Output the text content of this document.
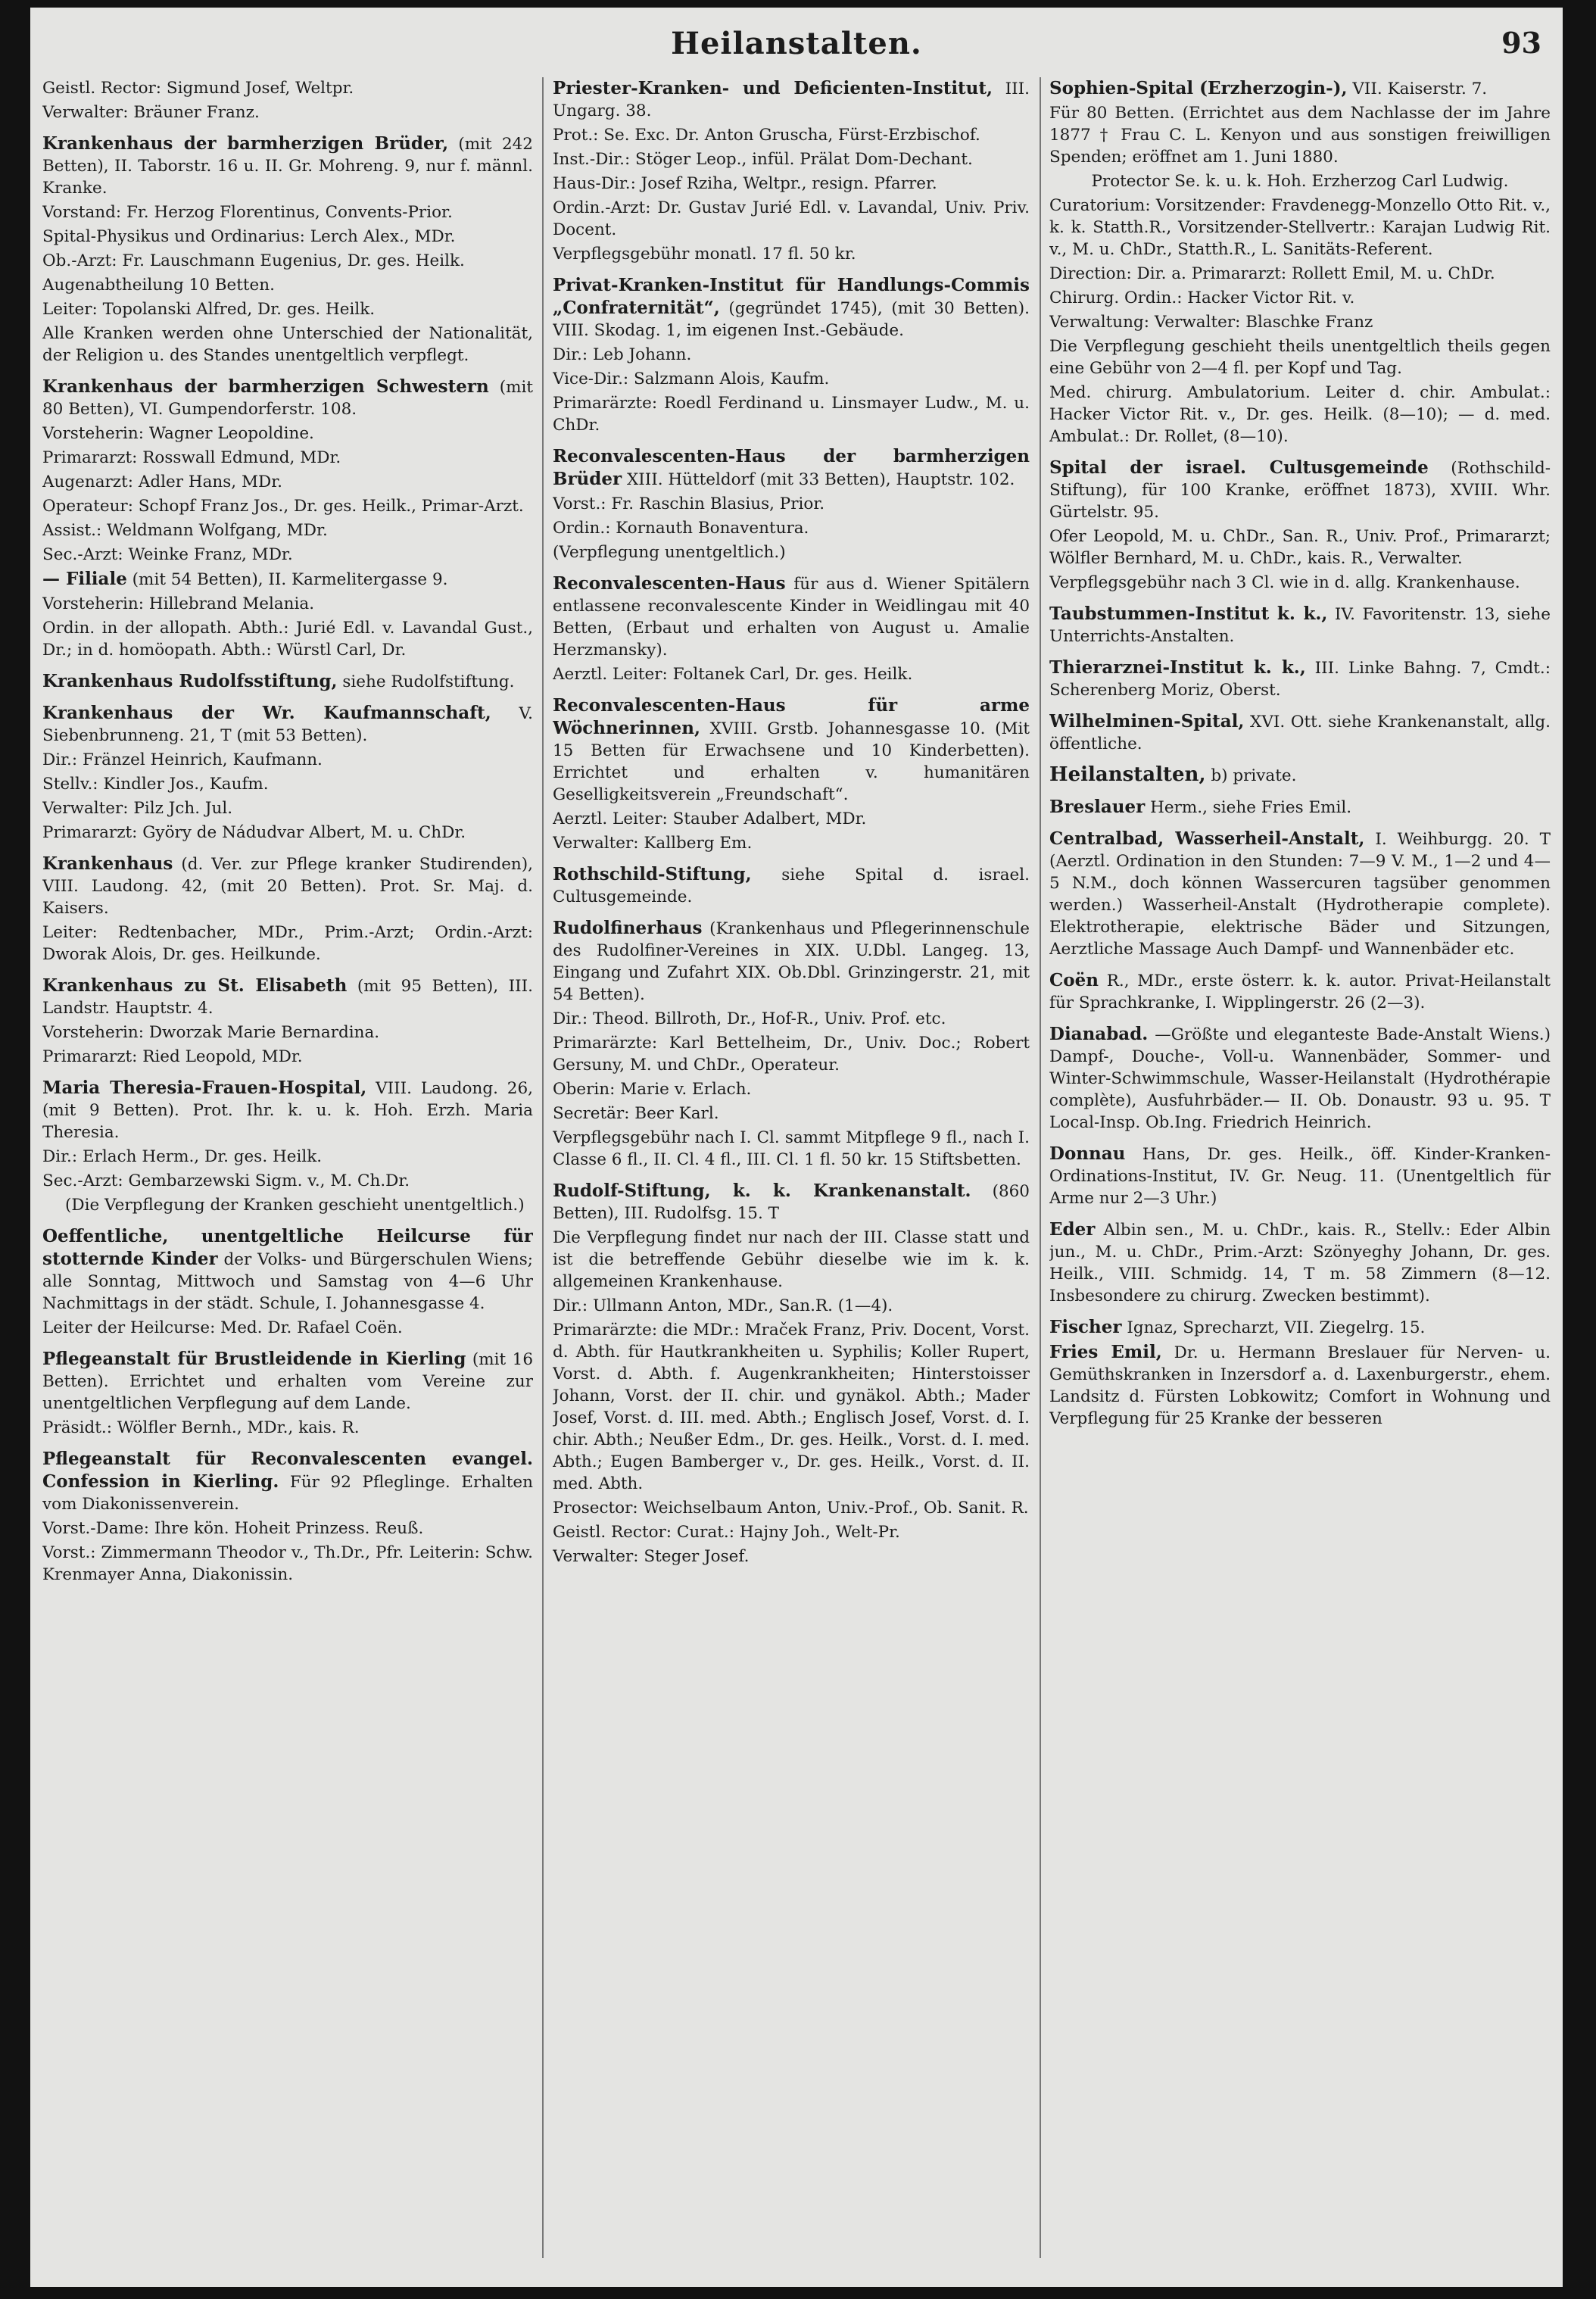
Heilanstalten.	93
Geistl. Rector: Sigmund Josef, Weltpr.
Verwalter: Bräuner Franz.
Krankenhaus der barmherzigen Brüder, (mit 242 Betten), II. Taborstr. 16 u. II. Gr. Mohreng. 9, nur f. männl. Kranke.
Vorstand: Fr. Herzog Florentinus, Convents-Prior.
Spital-Physikus und Ordinarius: Lerch Alex., MDr.
Ob.-Arzt: Fr. Lauschmann Eugenius, Dr. ges. Heilk.
Augenabtheilung 10 Betten.
Leiter: Topolanski Alfred, Dr. ges. Heilk.
Alle Kranken werden ohne Unterschied der Nationalität, der Religion u. des Standes unentgeltlich verpflegt.
Krankenhaus der barmherzigen Schwestern (mit 80 Betten), VI. Gumpendorferstr. 108.
Vorsteherin: Wagner Leopoldine.
Primararzt: Rosswall Edmund, MDr.
Augenarzt: Adler Hans, MDr.
Operateur: Schopf Franz Jos., Dr. ges. Heilk., Primar-Arzt.
Assist.: Weldmann Wolfgang, MDr.
Sec.-Arzt: Weinke Franz, MDr.
— Filiale (mit 54 Betten), II. Karmelitergasse 9.
Vorsteherin: Hillebrand Melania.
Ordin. in der allopath. Abth.: Jurié Edl. v. Lavandal Gust., Dr.; in d. homöopath. Abth.: Würstl Carl, Dr.
Krankenhaus Rudolfsstiftung, siehe Rudolfstiftung.
Krankenhaus der Wr. Kaufmannschaft, V. Siebenbrunneng. 21, T (mit 53 Betten).
Dir.: Fränzel Heinrich, Kaufmann.
Stellv.: Kindler Jos., Kaufm.
Verwalter: Pilz Jch. Jul.
Primararzt: Györy de Nádudvar Albert, M. u. ChDr.
Krankenhaus (d. Ver. zur Pflege kranker Studirenden), VIII. Laudong. 42, (mit 20 Betten). Prot. Sr. Maj. d. Kaisers.
Leiter: Redtenbacher, MDr., Prim.-Arzt; Ordin.-Arzt: Dworak Alois, Dr. ges. Heilkunde.
Krankenhaus zu St. Elisabeth (mit 95 Betten), III. Landstr. Hauptstr. 4.
Vorsteherin: Dworzak Marie Bernardina.
Primararzt: Ried Leopold, MDr.
Maria Theresia-Frauen-Hospital, VIII. Laudong. 26, (mit 9 Betten). Prot. Ihr. k. u. k. Hoh. Erzh. Maria Theresia.
Dir.: Erlach Herm., Dr. ges. Heilk.
Sec.-Arzt: Gembarzewski Sigm. v., M. Ch.Dr.
(Die Verpflegung der Kranken geschieht unentgeltlich.)
Oeffentliche, unentgeltliche Heilcurse für stotternde Kinder der Volks- und Bürgerschulen Wiens; alle Sonntag, Mittwoch und Samstag von 4—6 Uhr Nachmittags in der städt. Schule, I. Johannesgasse 4.
Leiter der Heilcurse: Med. Dr. Rafael Coën.
Pflegeanstalt für Brustleidende in Kierling (mit 16 Betten). Errichtet und erhalten vom Vereine zur unentgeltlichen Verpflegung auf dem Lande.
Präsidt.: Wölfler Bernh., MDr., kais. R.
Pflegeanstalt für Reconvalescenten evangel. Confession in Kierling. Für 92 Pfleglinge. Erhalten vom Diakonissenverein.
Vorst.-Dame: Ihre kön. Hoheit Prinzess. Reuß.
Vorst.: Zimmermann Theodor v., Th.Dr., Pfr. Leiterin: Schw. Krenmayer Anna, Diakonissin.
Priester-Kranken- und Deficienten-Institut, III. Ungarg. 38.
Prot.: Se. Exc. Dr. Anton Gruscha, Fürst-Erzbischof.
Inst.-Dir.: Stöger Leop., infül. Prälat Dom-Dechant.
Haus-Dir.: Josef Rziha, Weltpr., resign. Pfarrer.
Ordin.-Arzt: Dr. Gustav Jurié Edl. v. Lavandal, Univ. Priv. Docent.
Verpflegsgebühr monatl. 17 fl. 50 kr.
Privat-Kranken-Institut für Handlungs-Commis „Confraternität“, (gegründet 1745), (mit 30 Betten). VIII. Skodag. 1, im eigenen Inst.-Gebäude.
Dir.: Leb Johann.
Vice-Dir.: Salzmann Alois, Kaufm.
Primarärzte: Roedl Ferdinand u. Linsmayer Ludw., M. u. ChDr.
Reconvalescenten-Haus der barmherzigen Brüder XIII. Hütteldorf (mit 33 Betten), Hauptstr. 102.
Vorst.: Fr. Raschin Blasius, Prior.
Ordin.: Kornauth Bonaventura.
(Verpflegung unentgeltlich.)
Reconvalescenten-Haus für aus d. Wiener Spitälern entlassene reconvalescente Kinder in Weidlingau mit 40 Betten, (Erbaut und erhalten von August u. Amalie Herzmansky).
Aerztl. Leiter: Foltanek Carl, Dr. ges. Heilk.
Reconvalescenten-Haus für arme Wöchnerinnen, XVIII. Grstb. Johannesgasse 10. (Mit 15 Betten für Erwachsene und 10 Kinderbetten). Errichtet und erhalten v. humanitären Geselligkeitsverein „Freundschaft“.
Aerztl. Leiter: Stauber Adalbert, MDr.
Verwalter: Kallberg Em.
Rothschild-Stiftung, siehe Spital d. israel. Cultusgemeinde.
Rudolfinerhaus (Krankenhaus und Pflegerinnenschule des Rudolfiner-Vereines in XIX. U.Dbl. Langeg. 13, Eingang und Zufahrt XIX. Ob.Dbl. Grinzingerstr. 21, mit 54 Betten).
Dir.: Theod. Billroth, Dr., Hof-R., Univ. Prof. etc.
Primarärzte: Karl Bettelheim, Dr., Univ. Doc.; Robert Gersuny, M. und ChDr., Operateur.
Oberin: Marie v. Erlach.
Secretär: Beer Karl.
Verpflegsgebühr nach I. Cl. sammt Mitpflege 9 fl., nach I. Classe 6 fl., II. Cl. 4 fl., III. Cl. 1 fl. 50 kr. 15 Stiftsbetten.
Rudolf-Stiftung, k. k. Krankenanstalt. (860 Betten), III. Rudolfsg. 15. T
Die Verpflegung findet nur nach der III. Classe statt und ist die betreffende Gebühr dieselbe wie im k. k. allgemeinen Krankenhause.
Dir.: Ullmann Anton, MDr., San.R. (1—4).
Primarärzte: die MDr.: Mraček Franz, Priv. Docent, Vorst. d. Abth. für Hautkrankheiten u. Syphilis; Koller Rupert, Vorst. d. Abth. f. Augenkrankheiten; Hinterstoisser Johann, Vorst. der II. chir. und gynäkol. Abth.; Mader Josef, Vorst. d. III. med. Abth.; Englisch Josef, Vorst. d. I. chir. Abth.; Neußer Edm., Dr. ges. Heilk., Vorst. d. I. med. Abth.; Eugen Bamberger v., Dr. ges. Heilk., Vorst. d. II. med. Abth.
Prosector: Weichselbaum Anton, Univ.-Prof., Ob. Sanit. R.
Geistl. Rector: Curat.: Hajny Joh., Welt-Pr.
Verwalter: Steger Josef.
Sophien-Spital (Erzherzogin-), VII. Kaiserstr. 7.
Für 80 Betten. (Errichtet aus dem Nachlasse der im Jahre 1877 † Frau C. L. Kenyon und aus sonstigen freiwilligen Spenden; eröffnet am 1. Juni 1880.
Protector Se. k. u. k. Hoh. Erzherzog Carl Ludwig.
Curatorium: Vorsitzender: Fravdenegg-Monzello Otto Rit. v., k. k. Statth.R., Vorsitzender-Stellvertr.: Karajan Ludwig Rit. v., M. u. ChDr., Statth.R., L. Sanitäts-Referent.
Direction: Dir. a. Primararzt: Rollett Emil, M. u. ChDr.
Chirurg. Ordin.: Hacker Victor Rit. v.
Verwaltung: Verwalter: Blaschke Franz
Die Verpflegung geschieht theils unentgeltlich theils gegen eine Gebühr von 2—4 fl. per Kopf und Tag.
Med. chirurg. Ambulatorium. Leiter d. chir. Ambulat.: Hacker Victor Rit. v., Dr. ges. Heilk. (8—10); — d. med. Ambulat.: Dr. Rollet, (8—10).
Spital der israel. Cultusgemeinde (Rothschild-Stiftung), für 100 Kranke, eröffnet 1873), XVIII. Whr. Gürtelstr. 95.
Ofer Leopold, M. u. ChDr., San. R., Univ. Prof., Primararzt; Wölfler Bernhard, M. u. ChDr., kais. R., Verwalter.
Verpflegsgebühr nach 3 Cl. wie in d. allg. Krankenhause.
Taubstummen-Institut k. k., IV. Favoritenstr. 13, siehe Unterrichts-Anstalten.
Thierarznei-Institut k. k., III. Linke Bahng. 7, Cmdt.: Scherenberg Moriz, Oberst.
Wilhelminen-Spital, XVI. Ott. siehe Krankenanstalt, allg. öffentliche.
Heilanstalten, b) private.
Breslauer Herm., siehe Fries Emil.
Centralbad, Wasserheil-Anstalt, I. Weihburgg. 20. T (Aerztl. Ordination in den Stunden: 7—9 V. M., 1—2 und 4—5 N.M., doch können Wassercuren tagsüber genommen werden.) Wasserheil-Anstalt (Hydrotherapie complete). Elektrotherapie, elektrische Bäder und Sitzungen, Aerztliche Massage Auch Dampf- und Wannenbäder etc.
Coën R., MDr., erste österr. k. k. autor. Privat-Heilanstalt für Sprachkranke, I. Wipplingerstr. 26 (2—3).
Dianabad. —Größte und eleganteste Bade-Anstalt Wiens.) Dampf-, Douche-, Voll-u. Wannenbäder, Sommer- und Winter-Schwimmschule, Wasser-Heilanstalt (Hydrothérapie complète), Ausfuhrbäder.— II. Ob. Donaustr. 93 u. 95. T Local-Insp. Ob.Ing. Friedrich Heinrich.
Donnau Hans, Dr. ges. Heilk., öff. Kinder-Kranken-Ordinations-Institut, IV. Gr. Neug. 11. (Unentgeltlich für Arme nur 2—3 Uhr.)
Eder Albin sen., M. u. ChDr., kais. R., Stellv.: Eder Albin jun., M. u. ChDr., Prim.-Arzt: Szönyeghy Johann, Dr. ges. Heilk., VIII. Schmidg. 14, T m. 58 Zimmern (8—12. Insbesondere zu chirurg. Zwecken bestimmt).
Fischer Ignaz, Sprecharzt, VII. Ziegelrg. 15.
Fries Emil, Dr. u. Hermann Breslauer für Nerven- u. Gemüthskranken in Inzersdorf a. d. Laxenburgerstr., ehem. Landsitz d. Fürsten Lobkowitz; Comfort in Wohnung und Verpflegung für 25 Kranke der besseren
